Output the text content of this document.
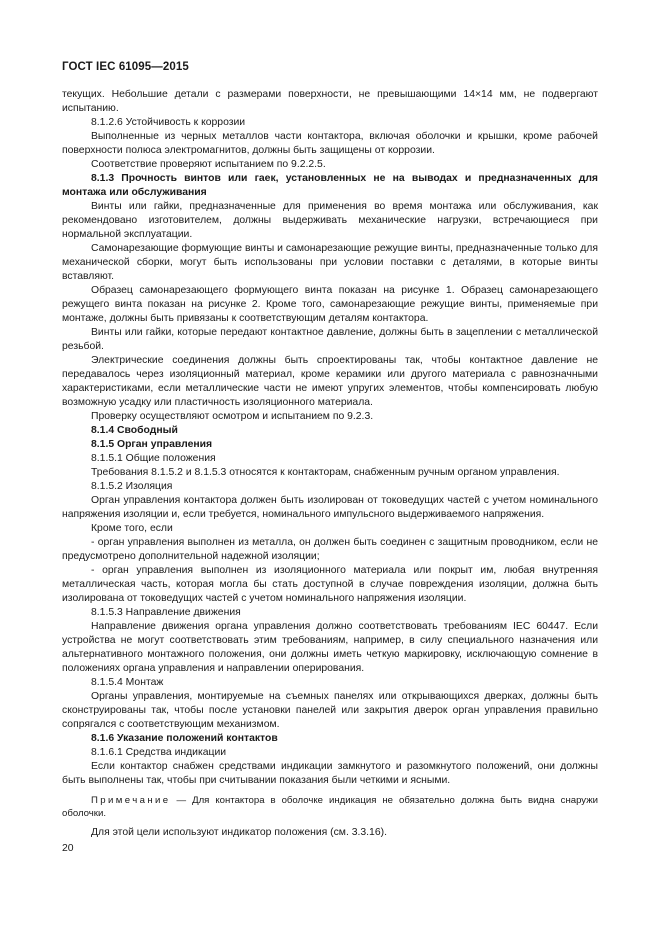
ГОСТ IEC 61095—2015

текущих. Небольшие детали с размерами поверхности, не превышающими 14×14 мм, не подвергают испытанию.

8.1.2.6 Устойчивость к коррозии

Выполненные из черных металлов части контактора, включая оболочки и крышки, кроме рабочей поверхности полюса электромагнитов, должны быть защищены от коррозии.

Соответствие проверяют испытанием по 9.2.2.5.

8.1.3 Прочность винтов или гаек, установленных не на выводах и предназначенных для монтажа или обслуживания

Винты или гайки, предназначенные для применения во время монтажа или обслуживания, как рекомендовано изготовителем, должны выдерживать механические нагрузки, встречающиеся при нормальной эксплуатации.

Самонарезающие формующие винты и самонарезающие режущие винты, предназначенные только для механической сборки, могут быть использованы при условии поставки с деталями, в которые винты вставляют.

Образец самонарезающего формующего винта показан на рисунке 1. Образец самонарезающего режущего винта показан на рисунке 2. Кроме того, самонарезающие режущие винты, применяемые при монтаже, должны быть привязаны к соответствующим деталям контактора.

Винты или гайки, которые передают контактное давление, должны быть в зацеплении с металлической резьбой.

Электрические соединения должны быть спроектированы так, чтобы контактное давление не передавалось через изоляционный материал, кроме керамики или другого материала с равнозначными характеристиками, если металлические части не имеют упругих элементов, чтобы компенсировать любую возможную усадку или пластичность изоляционного материала.

Проверку осуществляют осмотром и испытанием по 9.2.3.

8.1.4 Свободный

8.1.5 Орган управления

8.1.5.1 Общие положения

Требования 8.1.5.2 и 8.1.5.3 относятся к контакторам, снабженным ручным органом управления.

8.1.5.2 Изоляция

Орган управления контактора должен быть изолирован от токоведущих частей с учетом номинального напряжения изоляции и, если требуется, номинального импульсного выдерживаемого напряжения.

Кроме того, если

- орган управления выполнен из металла, он должен быть соединен с защитным проводником, если не предусмотрено дополнительной надежной изоляции;

- орган управления выполнен из изоляционного материала или покрыт им, любая внутренняя металлическая часть, которая могла бы стать доступной в случае повреждения изоляции, должна быть изолирована от токоведущих частей с учетом номинального напряжения изоляции.

8.1.5.3 Направление движения

Направление движения органа управления должно соответствовать требованиям IEC 60447. Если устройства не могут соответствовать этим требованиям, например, в силу специального назначения или альтернативного монтажного положения, они должны иметь четкую маркировку, исключающую сомнение в положениях органа управления и направлении оперирования.

8.1.5.4 Монтаж

Органы управления, монтируемые на съемных панелях или открывающихся дверках, должны быть сконструированы так, чтобы после установки панелей или закрытия дверок орган управления правильно сопрягался с соответствующим механизмом.

8.1.6 Указание положений контактов

8.1.6.1 Средства индикации

Если контактор снабжен средствами индикации замкнутого и разомкнутого положений, они должны быть выполнены так, чтобы при считывании показания были четкими и ясными.

Примечание — Для контактора в оболочке индикация не обязательно должна быть видна снаружи оболочки.

Для этой цели используют индикатор положения (см. 3.3.16).

20
